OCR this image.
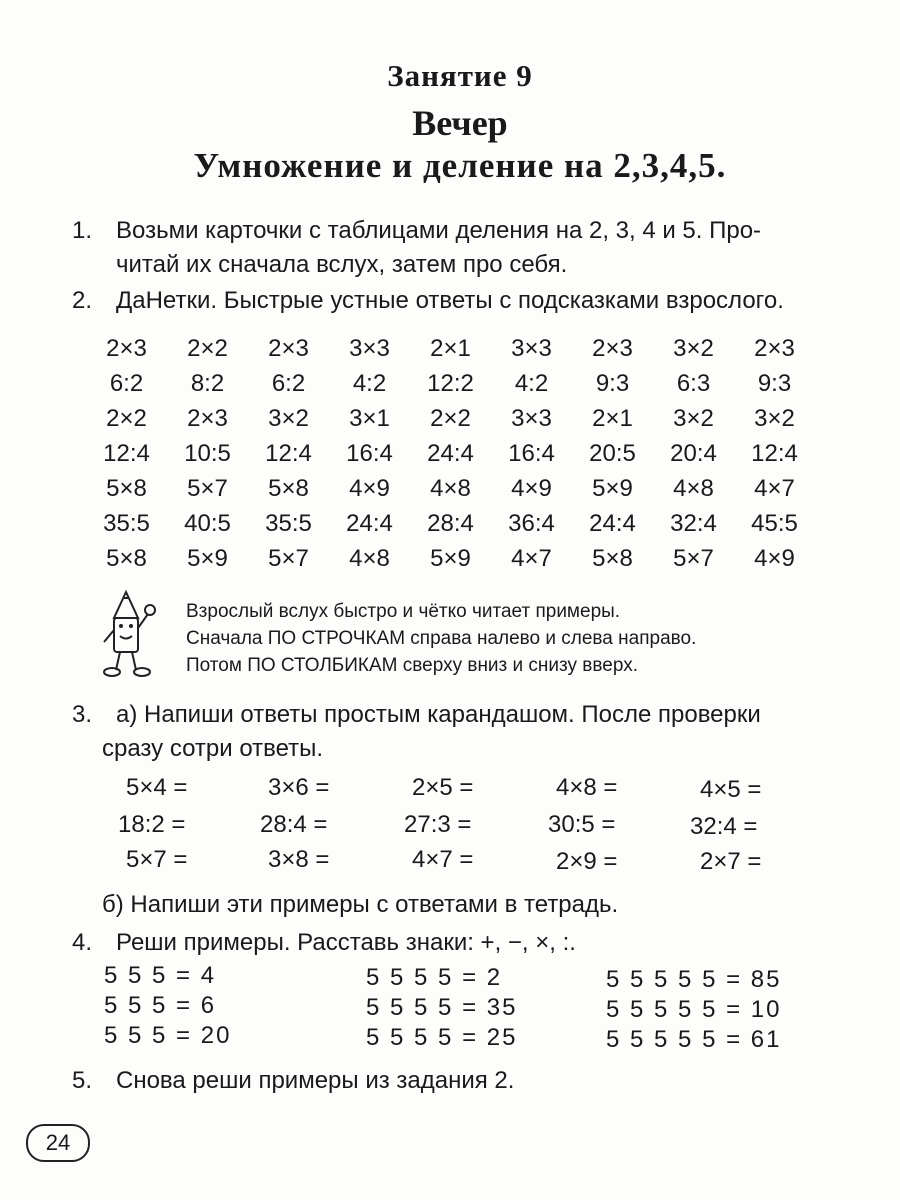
Занятие 9
Вечер
Умножение и деление на 2,3,4,5.
1. Возьми карточки с таблицами деления на 2, 3, 4 и 5. Про-
читай их сначала вслух, затем про себя.
2. ДаНетки. Быстрые устные ответы с подсказками взрослого.
2×3	2×2	2×3	3×3	2×1	3×3	2×3	3×2	2×3
6:2	8:2	6:2	4:2	12:2	4:2	9:3	6:3	9:3
2×2	2×3	3×2	3×1	2×2	3×3	2×1	3×2	3×2
12:4	10:5	12:4	16:4	24:4	16:4	20:5	20:4	12:4
5×8	5×7	5×8	4×9	4×8	4×9	5×9	4×8	4×7
35:5	40:5	35:5	24:4	28:4	36:4	24:4	32:4	45:5
5×8	5×9	5×7	4×8	5×9	4×7	5×8	5×7	4×9
Взрослый вслух быстро и чётко читает примеры.
Сначала ПО СТРОЧКАМ справа налево и слева направо.
Потом ПО СТОЛБИКАМ сверху вниз и снизу вверх.
3. а) Напиши ответы простым карандашом. После проверки
сразу сотри ответы.
5×4 =	3×6 =	2×5 =	4×8 =	4×5 =
18:2 =	28:4 =	27:3 =	30:5 =	32:4 =
5×7 =	3×8 =	4×7 =	2×9 =	2×7 =
б) Напиши эти примеры с ответами в тетрадь.
4. Реши примеры. Расставь знаки: +, −, ×, :.
5 5 5 = 4
5 5 5 = 6
5 5 5 = 20
5 5 5 5 = 2
5 5 5 5 = 35
5 5 5 5 = 25
5 5 5 5 5 = 85
5 5 5 5 5 = 10
5 5 5 5 5 = 61
5. Снова реши примеры из задания 2.
24
